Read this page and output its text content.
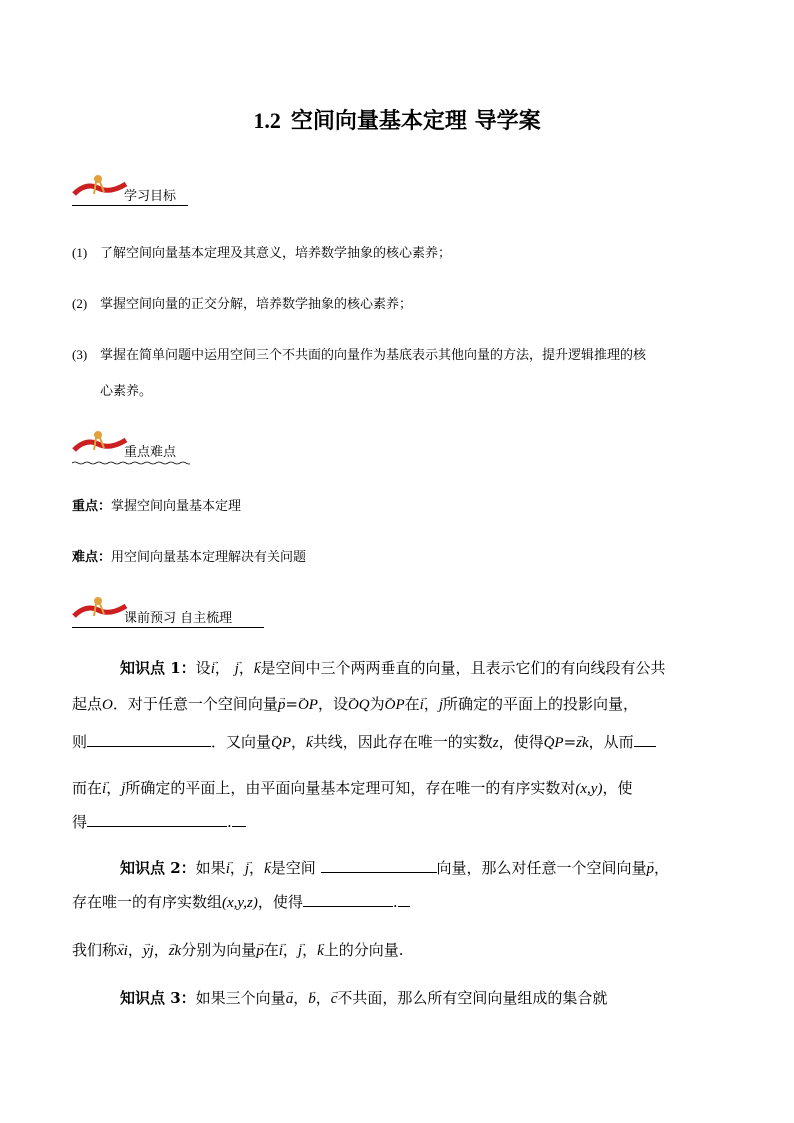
1.2 空间向量基本定理 导学案
学习目标
(1) 了解空间向量基本定理及其意义，培养数学抽象的核心素养；
(2) 掌握空间向量的正交分解，培养数学抽象的核心素养；
(3) 掌握在简单问题中运用空间三个不共面的向量作为基底表示其他向量的方法，提升逻辑推理的核
心素养。
重点难点
重点：掌握空间向量基本定理
难点：用空间向量基本定理解决有关问题
课前预习 自主梳理
知识点 1：设→ i， → j，→ k是空间中三个两两垂直的向量，且表示它们的有向线段有公共
起点O．对于任意一个空间向量→ p=→ OP，设→ OQ为→ OP在→ i，→ j所确定的平面上的投影向量，
则	．又向量→ QP，→ k共线，因此存在唯一的实数z，使得→ QP=→ zk，从而
而在→ i，→ j所确定的平面上，由平面向量基本定理可知，存在唯一的有序实数对(x,y)，使
得	.
知识点 2：如果→ i，→ j，→ k是空间	向量，那么对任意一个空间向量→ p，
存在唯一的有序实数组(x,y,z)，使得	.
我们称→ xi，→ yj，→ zk分别为向量→ p在→ i，→ j，→ k上的分向量.
知识点 3：如果三个向量→ a，→ b，→ c不共面，那么所有空间向量组成的集合就
